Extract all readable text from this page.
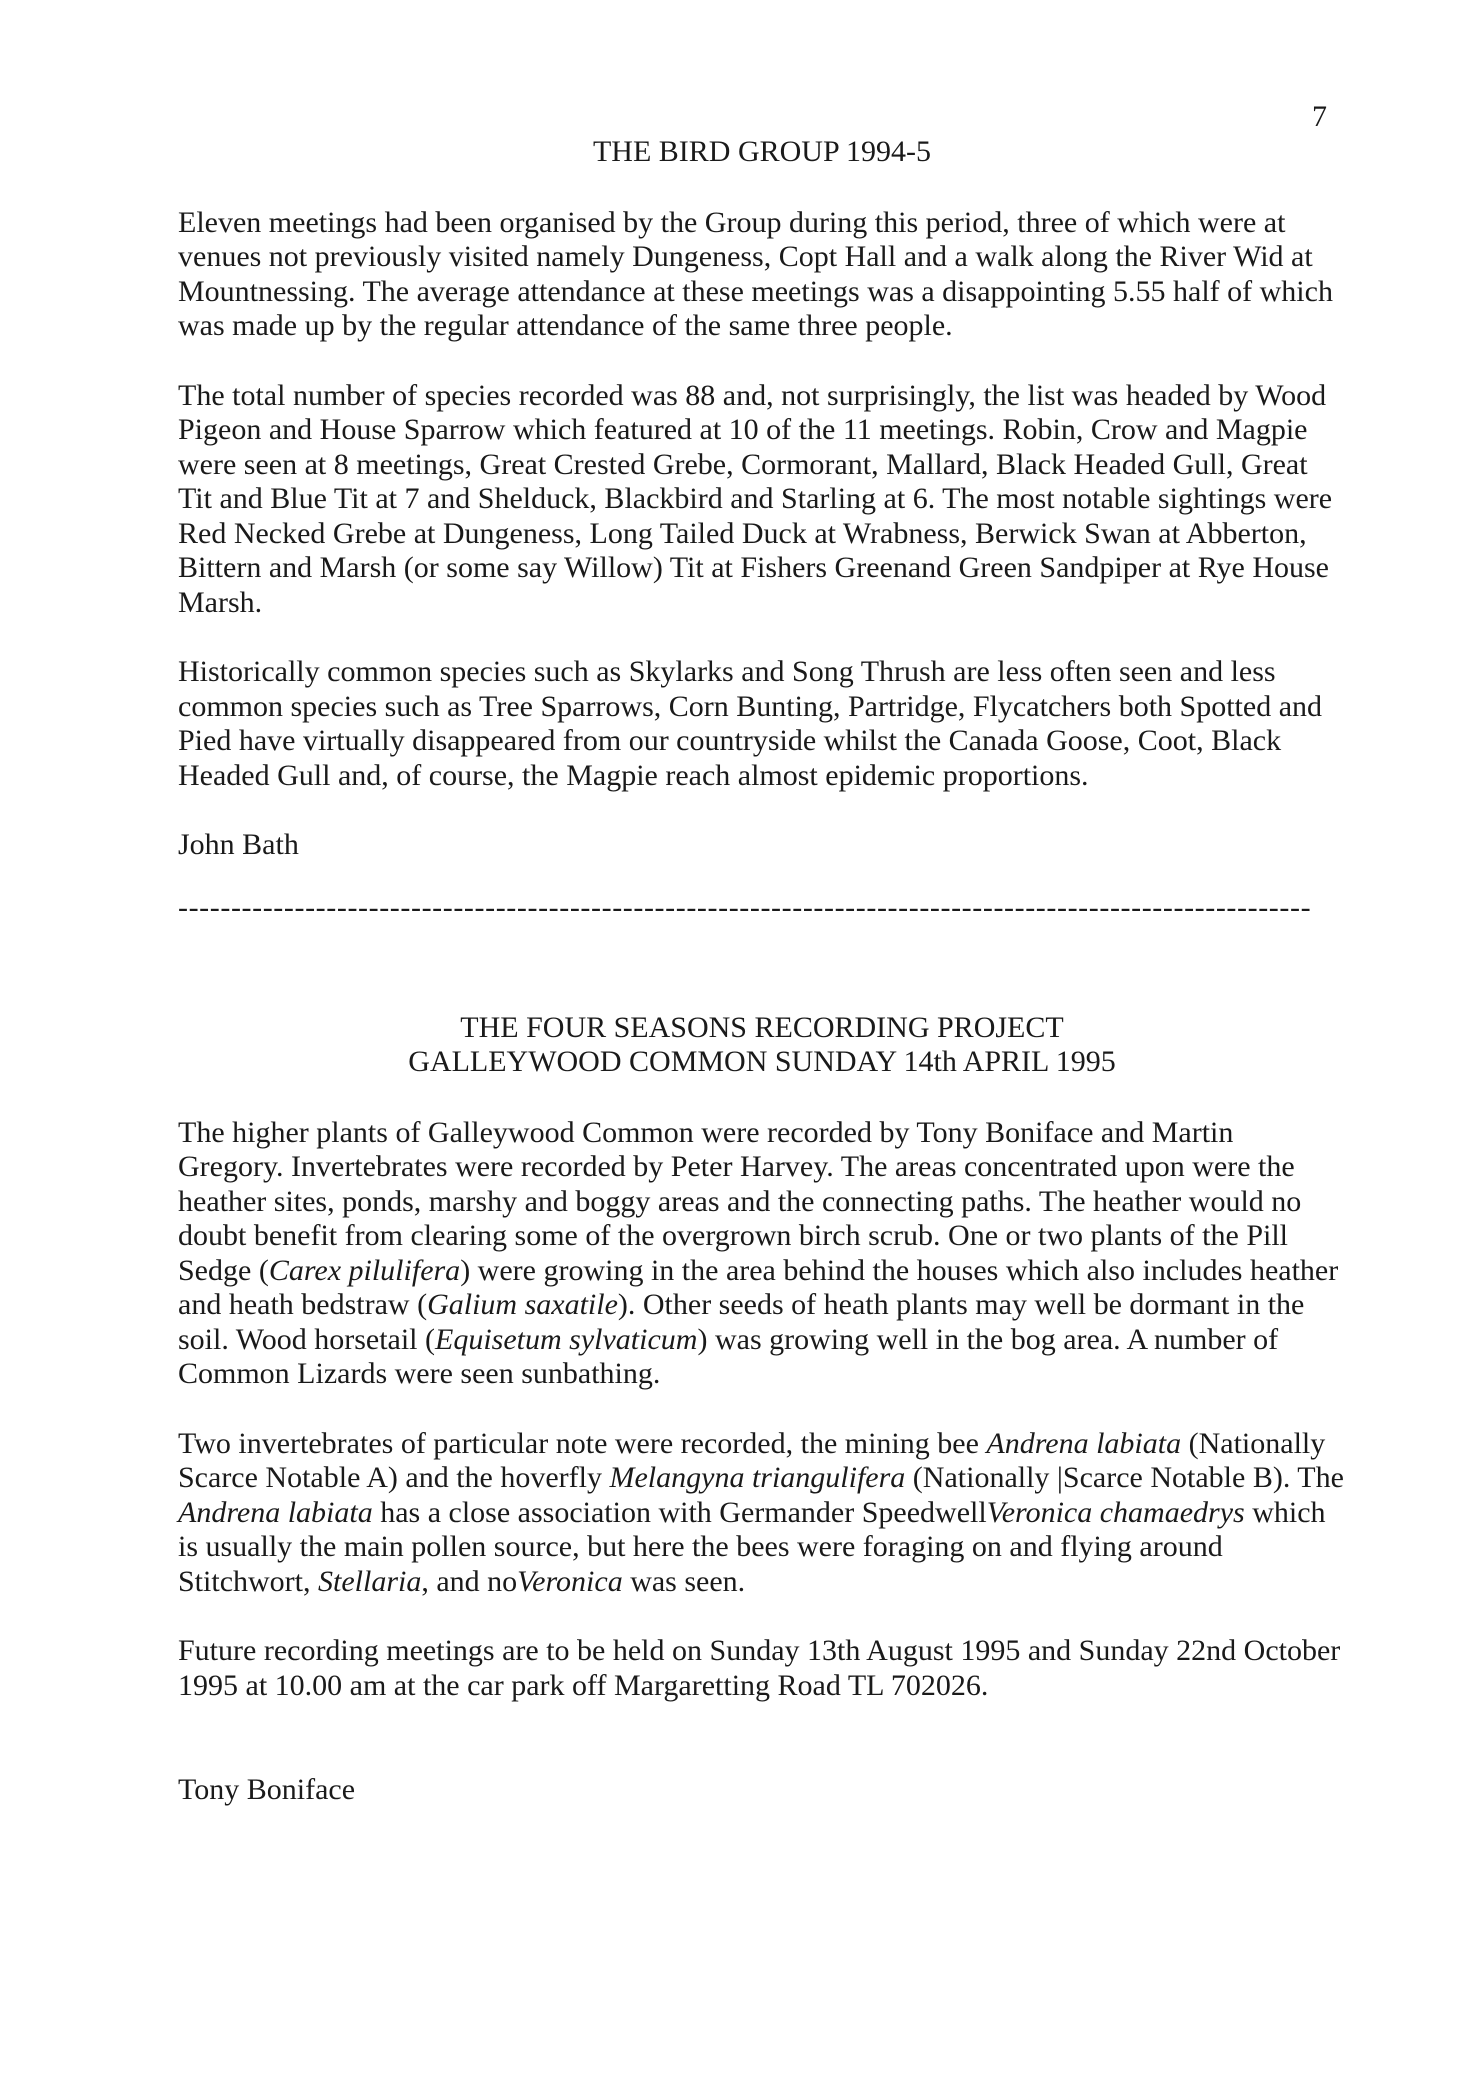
7
THE BIRD GROUP 1994-5

Eleven meetings had been organised by the Group during this period, three of which were at venues not previously visited namely Dungeness, Copt Hall and a walk along the River Wid at Mountnessing. The average attendance at these meetings was a disappointing 5.55 half of which was made up by the regular attendance of the same three people.

The total number of species recorded was 88 and, not surprisingly, the list was headed by Wood Pigeon and House Sparrow which featured at 10 of the 11 meetings. Robin, Crow and Magpie were seen at 8 meetings, Great Crested Grebe, Cormorant, Mallard, Black Headed Gull, Great Tit and Blue Tit at 7 and Shelduck, Blackbird and Starling at 6. The most notable sightings were Red Necked Grebe at Dungeness, Long Tailed Duck at Wrabness, Berwick Swan at Abberton, Bittern and Marsh (or some say Willow) Tit at Fishers Greenand Green Sandpiper at Rye House Marsh.

Historically common species such as Skylarks and Song Thrush are less often seen and less common species such as Tree Sparrows, Corn Bunting, Partridge, Flycatchers both Spotted and Pied have virtually disappeared from our countryside whilst the Canada Goose, Coot, Black Headed Gull and, of course, the Magpie reach almost epidemic proportions.

John Bath

-----------------------------------------------------------------------------------------------------------
THE FOUR SEASONS RECORDING PROJECT
GALLEYWOOD COMMON SUNDAY 14th APRIL 1995

The higher plants of Galleywood Common were recorded by Tony Boniface and Martin Gregory. Invertebrates were recorded by Peter Harvey. The areas concentrated upon were the heather sites, ponds, marshy and boggy areas and the connecting paths. The heather would no doubt benefit from clearing some of the overgrown birch scrub. One or two plants of the Pill Sedge (Carex pilulifera) were growing in the area behind the houses which also includes heather and heath bedstraw (Galium saxatile). Other seeds of heath plants may well be dormant in the soil. Wood horsetail (Equisetum sylvaticum) was growing well in the bog area. A number of Common Lizards were seen sunbathing.

Two invertebrates of particular note were recorded, the mining bee Andrena labiata (Nationally Scarce Notable A) and the hoverfly Melangyna triangulifera (Nationally |Scarce Notable B). The Andrena labiata has a close association with Germander SpeedwellVeronica chamaedrys which is usually the main pollen source, but here the bees were foraging on and flying around Stitchwort, Stellaria, and noVeronica was seen.

Future recording meetings are to be held on Sunday 13th August 1995 and Sunday 22nd October 1995 at 10.00 am at the car park off Margaretting Road TL 702026.

Tony Boniface
